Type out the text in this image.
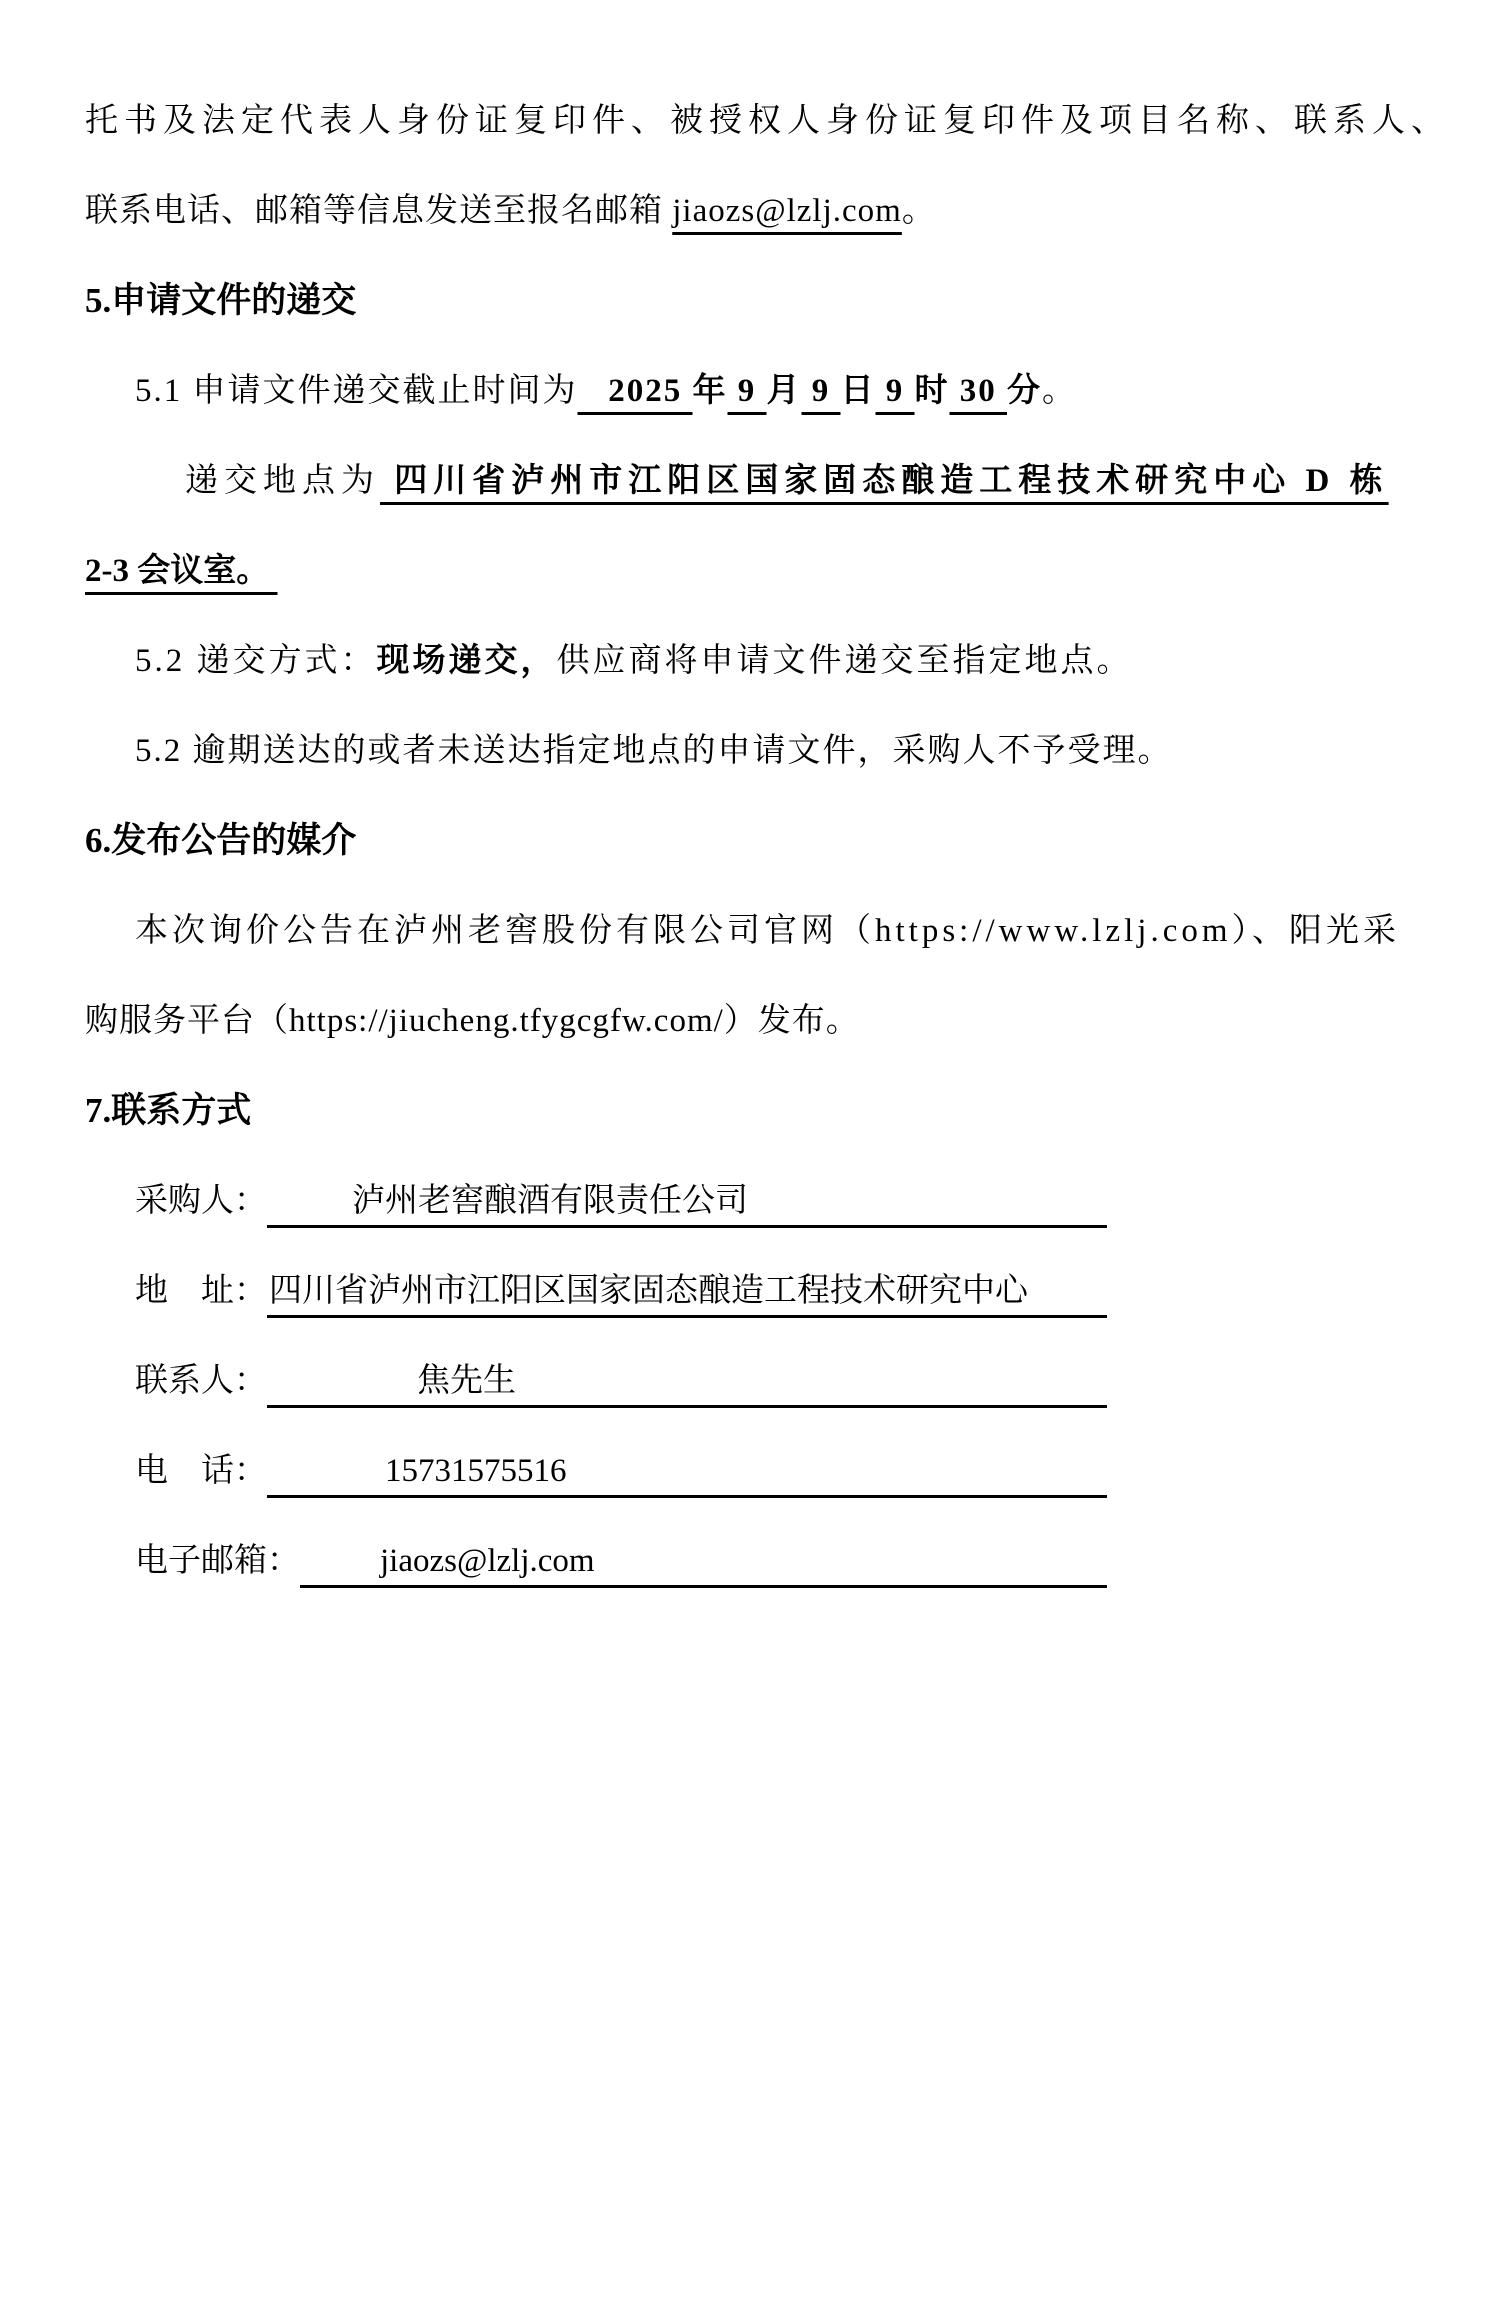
托书及法定代表人身份证复印件、被授权人身份证复印件及项目名称、联系人、
联系电话、邮箱等信息发送至报名邮箱 jiaozs@lzlj.com。
5.申请文件的递交
5.1 申请文件递交截止时间为   2025 年 9 月 9 日 9 时 30 分。
递交地点为 四川省泸州市江阳区国家固态酿造工程技术研究中心 D 栋
2-3 会议室。
5.2 递交方式：现场递交，供应商将申请文件递交至指定地点。
5.2 逾期送达的或者未送达指定地点的申请文件，采购人不予受理。
6.发布公告的媒介
本次询价公告在泸州老窖股份有限公司官网（https://www.lzlj.com）、阳光采
购服务平台（https://jiucheng.tfygcgfw.com/）发布。
7.联系方式
采购人：	泸州老窖酿酒有限责任公司
地　址： 四川省泸州市江阳区国家固态酿造工程技术研究中心
联系人：	焦先生
电　话：	15731575516
电子邮箱：	jiaozs@lzlj.com
